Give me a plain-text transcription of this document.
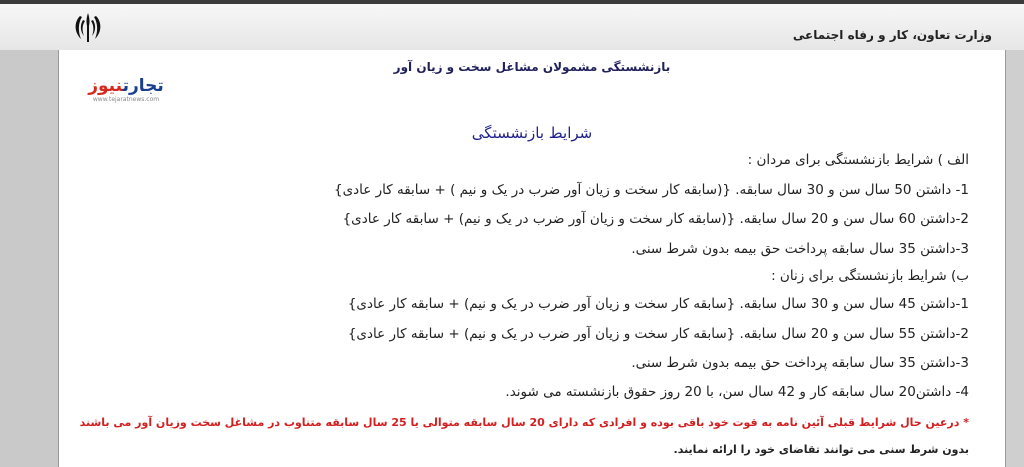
وزارت تعاون، کار و رفاه اجتماعی
بازنشستگی مشمولان مشاغل سخت و زیان آور
تجارتنیوز
www.tejaratnews.com
شرایط بازنشستگی
الف ) شرایط بازنشستگی برای مردان :
1- داشتن 50 سال سن و 30 سال سابقه. {(سابقه کار سخت و زیان آور ضرب در یک و نیم ) + سابقه کار عادی}
2-داشتن 60 سال سن و 20 سال سابقه. {(سابقه کار سخت و زیان آور ضرب در یک و نیم) + سابقه کار عادی}
3-داشتن 35 سال سابقه پرداخت حق بیمه بدون شرط سنی.
ب) شرایط بازنشستگی برای زنان :
1-داشتن 45 سال سن و 30 سال سابقه. {سابقه کار سخت و زیان آور ضرب در یک و نیم) + سابقه کار عادی}
2-داشتن 55 سال سن و 20 سال سابقه. {سابقه کار سخت و زیان آور ضرب در یک و نیم) + سابقه کار عادی}
3-داشتن 35 سال سابقه پرداخت حق بیمه بدون شرط سنی.
4- داشتن20 سال سابقه کار و 42 سال سن، با 20 روز حقوق بازنشسته می شوند.
* درعین حال شرایط قبلی آئین نامه به قوت خود باقی بوده و افرادی که دارای 20 سال سابقه متوالی یا 25 سال سابقه متناوب در مشاغل سخت وزیان آور می باشند
بدون شرط سنی می توانند تقاضای خود را ارائه نمایند.
